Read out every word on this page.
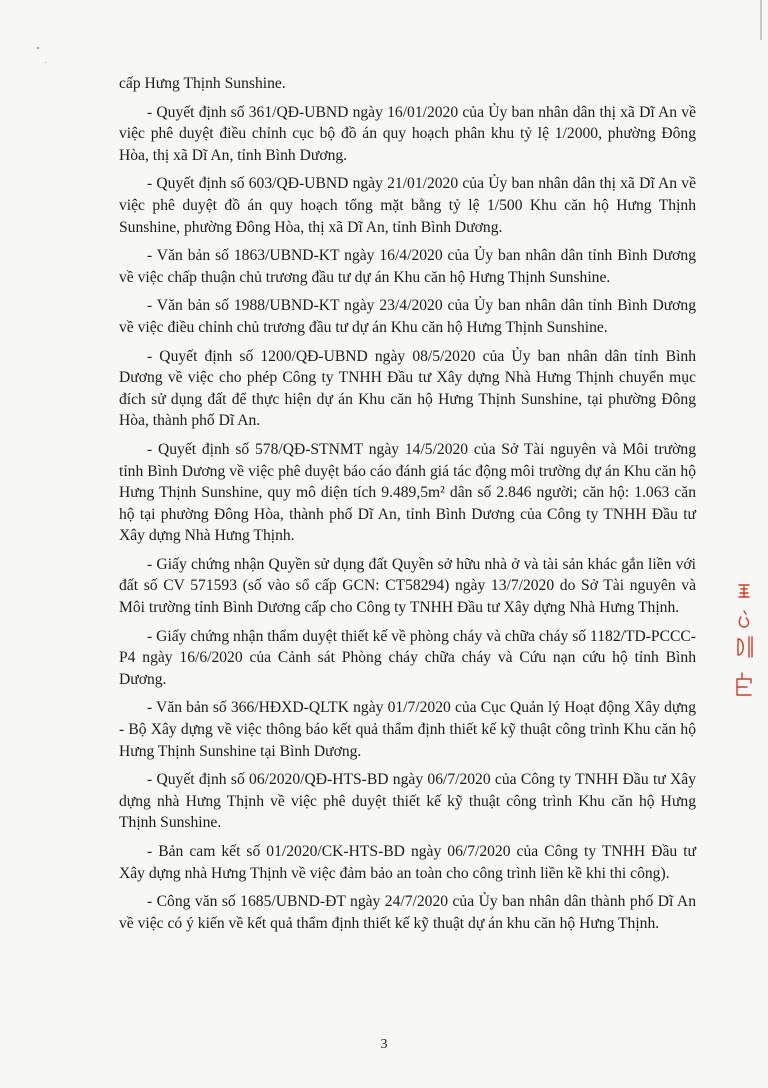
cấp Hưng Thịnh Sunshine.

- Quyết định số 361/QĐ-UBND ngày 16/01/2020 của Ủy ban nhân dân thị xã Dĩ An về việc phê duyệt điều chỉnh cục bộ đồ án quy hoạch phân khu tỷ lệ 1/2000, phường Đông Hòa, thị xã Dĩ An, tỉnh Bình Dương.

- Quyết định số 603/QĐ-UBND ngày 21/01/2020 của Ủy ban nhân dân thị xã Dĩ An về việc phê duyệt đồ án quy hoạch tổng mặt bằng tỷ lệ 1/500 Khu căn hộ Hưng Thịnh Sunshine, phường Đông Hòa, thị xã Dĩ An, tỉnh Bình Dương.

- Văn bản số 1863/UBND-KT ngày 16/4/2020 của Ủy ban nhân dân tỉnh Bình Dương về việc chấp thuận chủ trương đầu tư dự án Khu căn hộ Hưng Thịnh Sunshine.

- Văn bản số 1988/UBND-KT ngày 23/4/2020 của Ủy ban nhân dân tỉnh Bình Dương về việc điều chỉnh chủ trương đầu tư dự án Khu căn hộ Hưng Thịnh Sunshine.

- Quyết định số 1200/QĐ-UBND ngày 08/5/2020 của Ủy ban nhân dân tỉnh Bình Dương về việc cho phép Công ty TNHH Đầu tư Xây dựng Nhà Hưng Thịnh chuyển mục đích sử dụng đất để thực hiện dự án Khu căn hộ Hưng Thịnh Sunshine, tại phường Đông Hòa, thành phố Dĩ An.

- Quyết định số 578/QĐ-STNMT ngày 14/5/2020 của Sở Tài nguyên và Môi trường tỉnh Bình Dương về việc phê duyệt báo cáo đánh giá tác động môi trường dự án Khu căn hộ Hưng Thịnh Sunshine, quy mô diện tích 9.489,5m² dân số 2.846 người; căn hộ: 1.063 căn hộ tại phường Đông Hòa, thành phố Dĩ An, tỉnh Bình Dương của Công ty TNHH Đầu tư Xây dựng Nhà Hưng Thịnh.

- Giấy chứng nhận Quyền sử dụng đất Quyền sở hữu nhà ở và tài sản khác gắn liền với đất số CV 571593 (số vào sổ cấp GCN: CT58294) ngày 13/7/2020 do Sở Tài nguyên và Môi trường tỉnh Bình Dương cấp cho Công ty TNHH Đầu tư Xây dựng Nhà Hưng Thịnh.

- Giấy chứng nhận thẩm duyệt thiết kế về phòng cháy và chữa cháy số 1182/TD-PCCC-P4 ngày 16/6/2020 của Cảnh sát Phòng cháy chữa cháy và Cứu nạn cứu hộ tỉnh Bình Dương.

- Văn bản số 366/HĐXD-QLTK ngày 01/7/2020 của Cục Quản lý Hoạt động Xây dựng - Bộ Xây dựng về việc thông báo kết quả thẩm định thiết kế kỹ thuật công trình Khu căn hộ Hưng Thịnh Sunshine tại Bình Dương.

- Quyết định số 06/2020/QĐ-HTS-BD ngày 06/7/2020 của Công ty TNHH Đầu tư Xây dựng nhà Hưng Thịnh về việc phê duyệt thiết kế kỹ thuật công trình Khu căn hộ Hưng Thịnh Sunshine.

- Bản cam kết số 01/2020/CK-HTS-BD ngày 06/7/2020 của Công ty TNHH Đầu tư Xây dựng nhà Hưng Thịnh về việc đảm bảo an toàn cho công trình liền kề khi thi công).

- Công văn số 1685/UBND-ĐT ngày 24/7/2020 của Ủy ban nhân dân thành phố Dĩ An về việc có ý kiến về kết quả thẩm định thiết kế kỹ thuật dự án khu căn hộ Hưng Thịnh.

3
